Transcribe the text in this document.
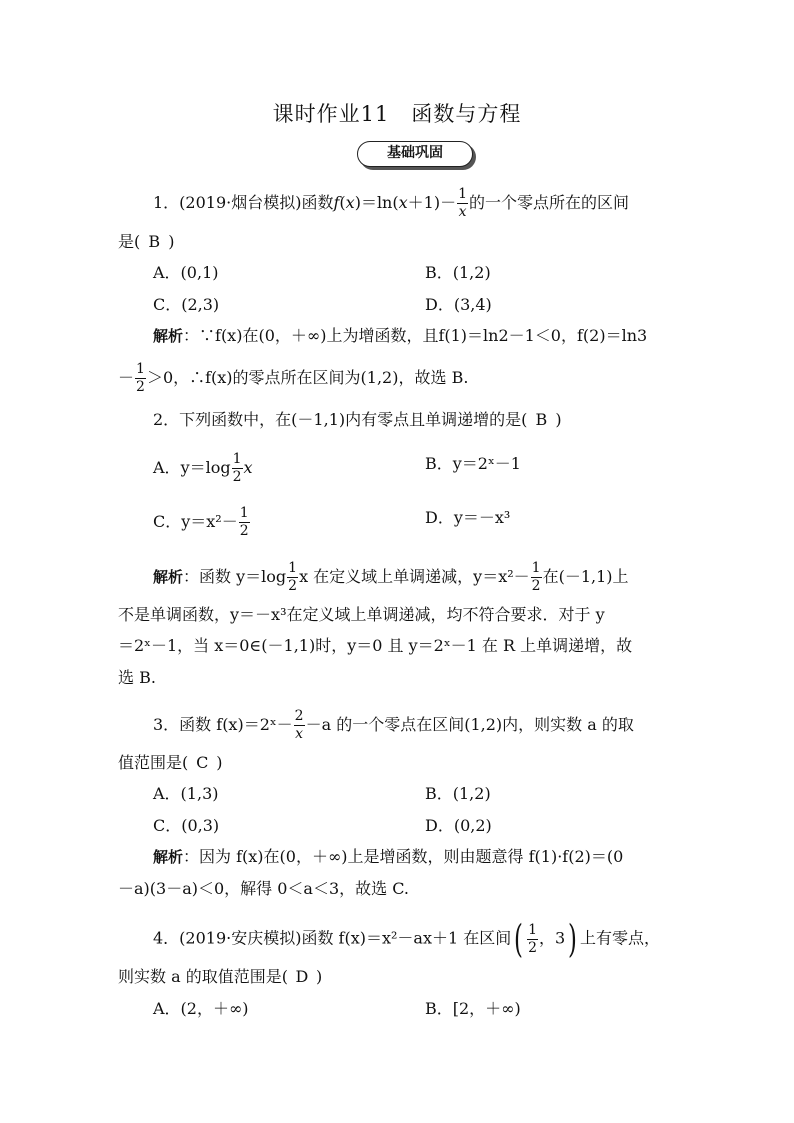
课时作业11　函数与方程
基础巩固
1．(2019·烟台模拟)函数$f(x)=\ln(x+1)- \frac{1}{x}$ 的一个零点所在的区间
是( B )
A．(0,1)	B．(1,2)
C．(2,3)	D．(3,4)
解析：∵f(x)在(0，＋∞)上为增函数，且f(1)＝ln2－1＜0，f(2)＝ln3
－ $\frac{1}{2} >0$，∴f(x)的零点所在区间为(1,2)，故选 B.
2．下列函数中，在(－1,1)内有零点且单调递增的是( B )
A．$y=\log \frac{1}{2}$ x	B．y＝2ˣ－1
C．$y=x^2- \frac{1}{2}$	D．y＝－x³
解析：函数 $y=\log \frac{1}{2}$ x 在定义域上单调递减，$y=x^2- \frac{1}{2}$ 在(－1,1)上
不是单调函数，y＝－x³在定义域上单调递减，均不符合要求．对于 y
＝2ˣ－1，当 x＝0∈(－1,1)时，y＝0 且 y＝2ˣ－1 在 R 上单调递增，故
选 B.
3．函数 f(x)＝2ˣ－ $\frac{2}{x} -a$ 的一个零点在区间(1,2)内，则实数 a 的取
值范围是( C )
A．(1,3)	B．(1,2)
C．(0,3)	D．(0,2)
解析：因为 f(x)在(0，＋∞)上是增函数，则由题意得 f(1)·f(2)＝(0
－a)(3－a)＜0，解得 0＜a＜3，故选 C.
4．(2019·安庆模拟)函数 f(x)＝x²－ax＋1 在区间( $\frac{1}{2}$ ，3) 上有零点，
则实数 a 的取值范围是( D )
A．(2，＋∞)	B．[2，＋∞)
